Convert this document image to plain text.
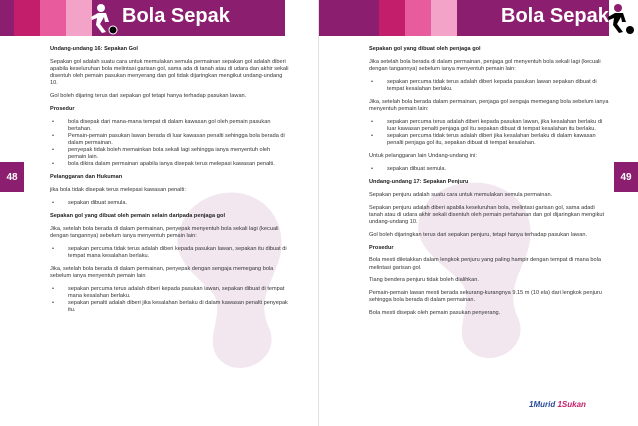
Bola Sepak
48

Undang-undang 16: Sepakan Gol

Sepakan gol adalah suatu cara untuk memulakan semula permainan sepakan gol adalah diberi apabila keseluruhan bola melintasi garisan gol, sama ada di tanah atau di udara dan akhir sekali disentuh oleh pemain pasukan menyerang dan gol tidak dijaringkan mengikut undang-undang 10.

Gol boleh dijaring terus dari sepakan gol tetapi hanya terhadap pasukan lawan.

Prosedur

• bola disepak dari mana-mana tempat di dalam kawasan gol oleh pemain pasukan bertahan.
• Pemain-pemain pasukan lawan berada di luar kawasan penalti sehingga bola berada di dalam permainan.
• penyepak tidak boleh memainkan bola sekali lagi sehingga ianya menyentuh oleh pemain lain.
• bola dikira dalam permainan apabila ianya disepak terus melepasi kawasan penalti.

Pelanggaran dan Hukuman

jika bola tidak disepak terus melepasi kawasan penalti:

• sepakan dibuat semula.

Sepakan gol yang dibuat oleh pemain selain daripada penjaga gol

Jika, setelah bola berada di dalam permainan, penyepak menyentuh bola sekali lagi (kecuali dengan tangannya) sebelum ianya menyentuh pemain lain:

• sepakan percuma tidak terus adalah diberi kepada pasukan lawan, sepakan itu dibuat di tempat mana kesalahan berlaku.

Jika, setelah bola berada di dalam permainan, penyepak dengan sengaja memegang bola sebelum ianya menyentuh pemain lain

• sepakan percuma terus adalah diberi kepada pasukan lawan, sepakan dibuat di tempat mana kesalahan berlaku.
• sepakan penalti adalah diberi jika kesalahan berlaku di dalam kawasan penalti penyepak itu.
Bola Sepak
49

Sepakan gol yang dibuat oleh penjaga gol

Jika setelah bola berada di dalam permainan, penjaga gol menyentuh bola sekali lagi (kecuali dengan tangannya) sebelum ianya menyentuh pemain lain:

• sepakan percuma tidak terus adalah diberi kepada pasukan lawan sepakan dibuat di tempat kesalahan berlaku.

Jika, setelah bola berada dalam permainan, penjaga gol sengaja memegang bola sebelum ianya menyentuh pemain lain:

• sepakan percuma terus adalah diberi kepada pasukan lawan, jika kesalahan berlaku di luar kawasan penalti penjaga gol itu sepakan dibuat di tempat kesalahan itu berlaku.
• sepakan percuma tidak terus adalah diberi jika kesalahan berlaku di dalam kawasan penalti penjaga gol itu, sepakan dibuat di tempat kesalahan.

Untuk pelanggaran lain Undang-undang ini:

• sepakan dibuat semula.

Undang-undang 17: Sepakan Penjuru

Sepakan penjuru adalah suatu cara untuk memulakan semula permainan.

Sepakan penjuru adalah diberi apabila keseluruhan bola, melintasi garisan gol, sama adadi tanah atau di udara akhir sekali disentuh oleh pemain pertahanan dan gol dijaringkan mengikut undang-undang 10.

Gol boleh dijaringkan terus dari sepakan penjuru, tetapi hanya terhadap pasukan lawan.

Prosedur

Bola mesti diletakkan dalam lengkok penjuru yang paling hampir dengan tempat di mana bola melintasi garisan gol.

Tiang bendera penjuru tidak boleh dialihkan.

Pemain-pemain lawan mesti berada sekurang-kurangnya 9.15 m (10 ela) dari lengkok penjuru sehingga bola berada di dalam permainan.

Bola mesti disepak oleh pemain pasukan penyerang.

1Murid 1Sukan
